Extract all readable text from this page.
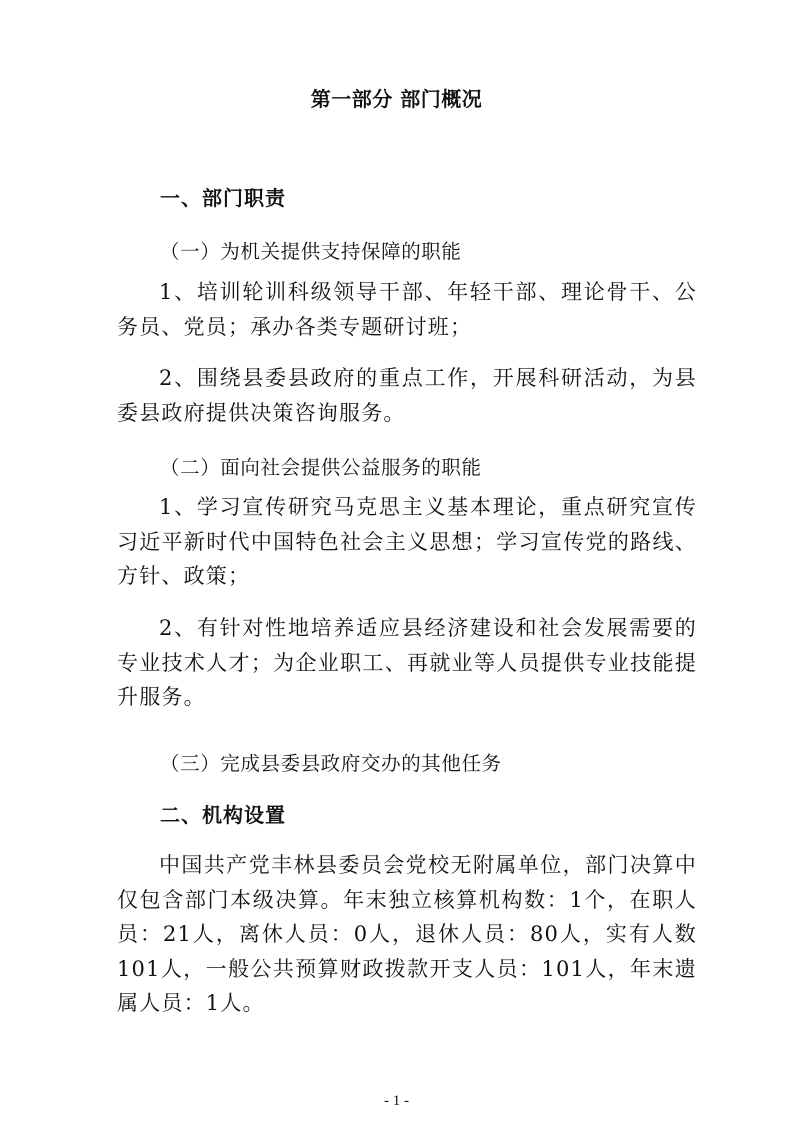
第一部分 部门概况
一、部门职责
（一）为机关提供支持保障的职能

1、培训轮训科级领导干部、年轻干部、理论骨干、公务员、党员；承办各类专题研讨班；

2、围绕县委县政府的重点工作，开展科研活动，为县委县政府提供决策咨询服务。

（二）面向社会提供公益服务的职能

1、学习宣传研究马克思主义基本理论，重点研究宣传习近平新时代中国特色社会主义思想；学习宣传党的路线、方针、政策；

2、有针对性地培养适应县经济建设和社会发展需要的专业技术人才；为企业职工、再就业等人员提供专业技能提升服务。

（三）完成县委县政府交办的其他任务
二、机构设置

中国共产党丰林县委员会党校无附属单位，部门决算中仅包含部门本级决算。年末独立核算机构数：1个，在职人员：21人，离休人员：0人，退休人员：80人，实有人数101人，一般公共预算财政拨款开支人员：101人，年末遗属人员：1人。

- 1 -
